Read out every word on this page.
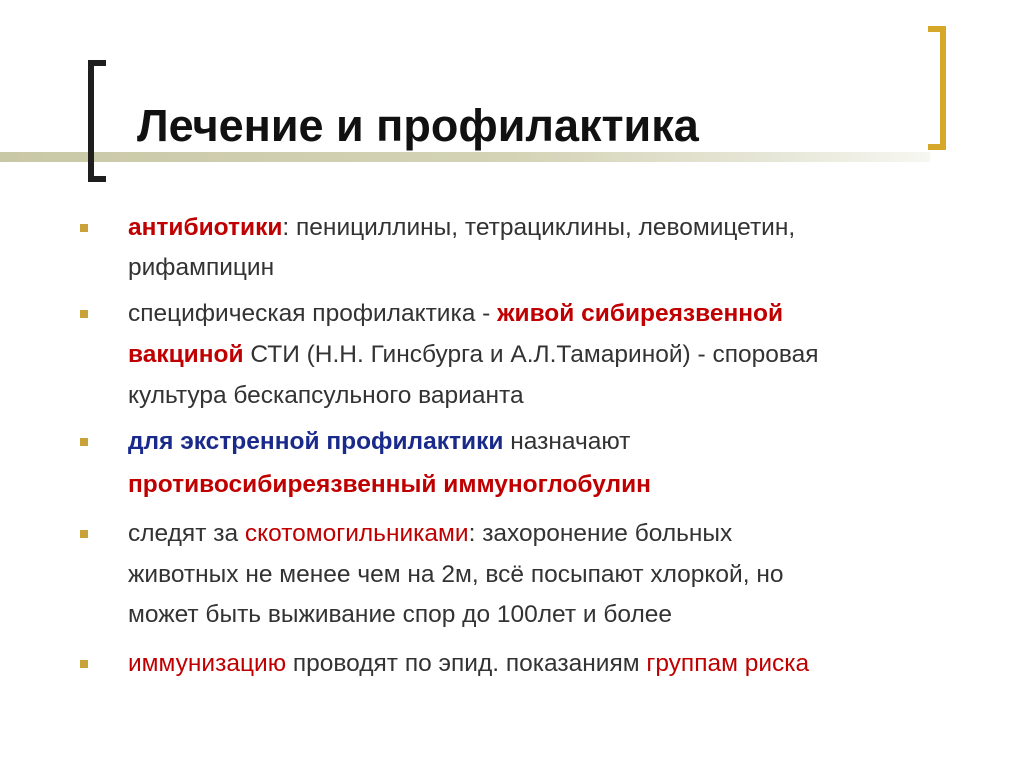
Лечение и профилактика
антибиотики: пенициллины, тетрациклины, левомицетин,
рифампицин
специфическая профилактика - живой сибиреязвенной
вакциной СТИ (Н.Н. Гинсбурга и А.Л.Тамариной) - споровая
культура бескапсульного варианта
для экстренной профилактики назначают
противосибиреязвенный иммуноглобулин
следят за скотомогильниками: захоронение больных
животных не менее чем на 2м, всё посыпают хлоркой, но
может быть выживание спор до 100лет и более
иммунизацию проводят по эпид. показаниям группам риска
